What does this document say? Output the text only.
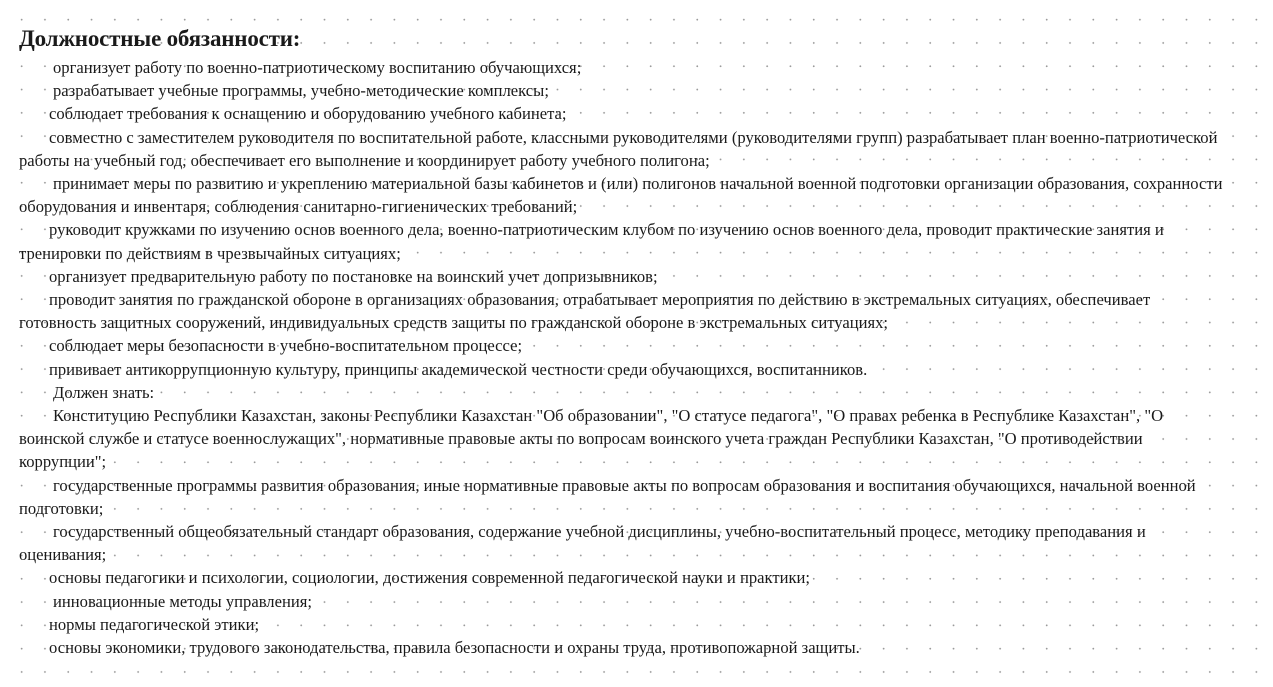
Должностные обязанности:

организует работу по военно-патриотическому воспитанию обучающихся;

разрабатывает учебные программы, учебно-методические комплексы;

соблюдает требования к оснащению и оборудованию учебного кабинета;

совместно с заместителем руководителя по воспитательной работе, классными руководителями (руководителями групп) разрабатывает план военно-патриотической работы на учебный год, обеспечивает его выполнение и координирует работу учебного полигона;

принимает меры по развитию и укреплению материальной базы кабинетов и (или) полигонов начальной военной подготовки организации образования, сохранности оборудования и инвентаря, соблюдения санитарно-гигиенических требований;

руководит кружками по изучению основ военного дела, военно-патриотическим клубом по изучению основ военного дела, проводит практические занятия и тренировки по действиям в чрезвычайных ситуациях;

организует предварительную работу по постановке на воинский учет допризывников;

проводит занятия по гражданской обороне в организациях образования, отрабатывает мероприятия по действию в экстремальных ситуациях, обеспечивает готовность защитных сооружений, индивидуальных средств защиты по гражданской обороне в экстремальных ситуациях;

соблюдает меры безопасности в учебно-воспитательном процессе;

прививает антикоррупционную культуру, принципы академической честности среди обучающихся, воспитанников.

Должен знать:

Конституцию Республики Казахстан, законы Республики Казахстан "Об образовании", "О статусе педагога", "О правах ребенка в Республике Казахстан", "О воинской службе и статусе военнослужащих", нормативные правовые акты по вопросам воинского учета граждан Республики Казахстан, "О противодействии коррупции";

государственные программы развития образования, иные нормативные правовые акты по вопросам образования и воспитания обучающихся, начальной военной подготовки;

государственный общеобязательный стандарт образования, содержание учебной дисциплины, учебно-воспитательный процесс, методику преподавания и оценивания;

основы педагогики и психологии, социологии, достижения современной педагогической науки и практики;

инновационные методы управления;

нормы педагогической этики;

основы экономики, трудового законодательства, правила безопасности и охраны труда, противопожарной защиты.
